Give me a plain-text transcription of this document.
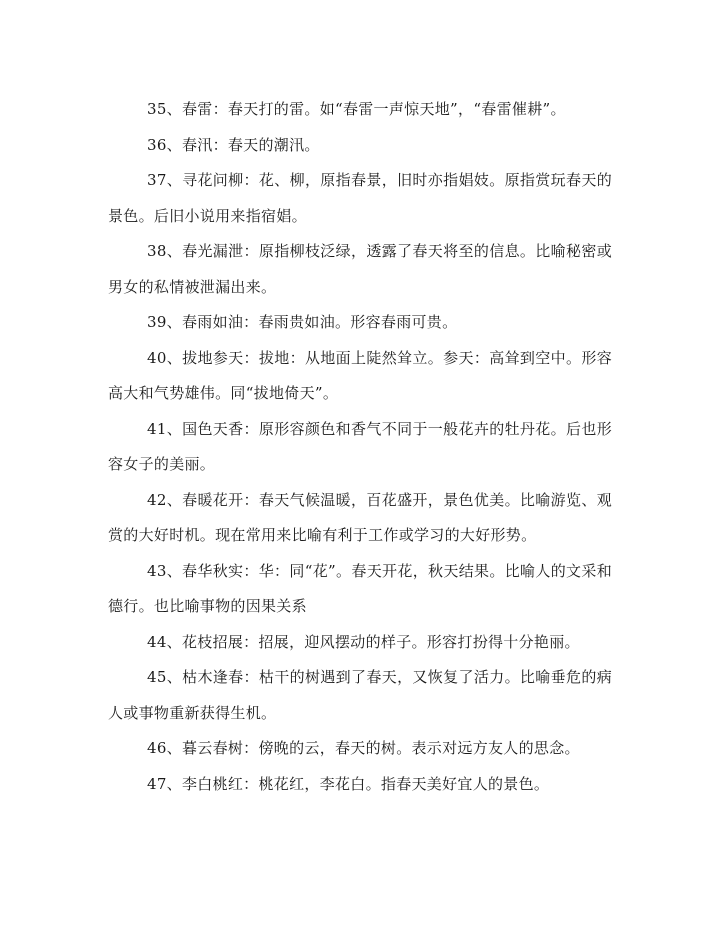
35、春雷：春天打的雷。如“春雷一声惊天地”，“春雷催耕”。

36、春汛：春天的潮汛。

37、寻花问柳：花、柳，原指春景，旧时亦指娼妓。原指赏玩春天的景色。后旧小说用来指宿娼。

38、春光漏泄：原指柳枝泛绿，透露了春天将至的信息。比喻秘密或男女的私情被泄漏出来。

39、春雨如油：春雨贵如油。形容春雨可贵。

40、拔地参天：拔地：从地面上陡然耸立。参天：高耸到空中。形容高大和气势雄伟。同“拔地倚天”。

41、国色天香：原形容颜色和香气不同于一般花卉的牡丹花。后也形容女子的美丽。

42、春暖花开：春天气候温暖，百花盛开，景色优美。比喻游览、观赏的大好时机。现在常用来比喻有利于工作或学习的大好形势。

43、春华秋实：华：同“花”。春天开花，秋天结果。比喻人的文采和德行。也比喻事物的因果关系

44、花枝招展：招展，迎风摆动的样子。形容打扮得十分艳丽。

45、枯木逢春：枯干的树遇到了春天，又恢复了活力。比喻垂危的病人或事物重新获得生机。

46、暮云春树：傍晚的云，春天的树。表示对远方友人的思念。

47、李白桃红：桃花红，李花白。指春天美好宜人的景色。
